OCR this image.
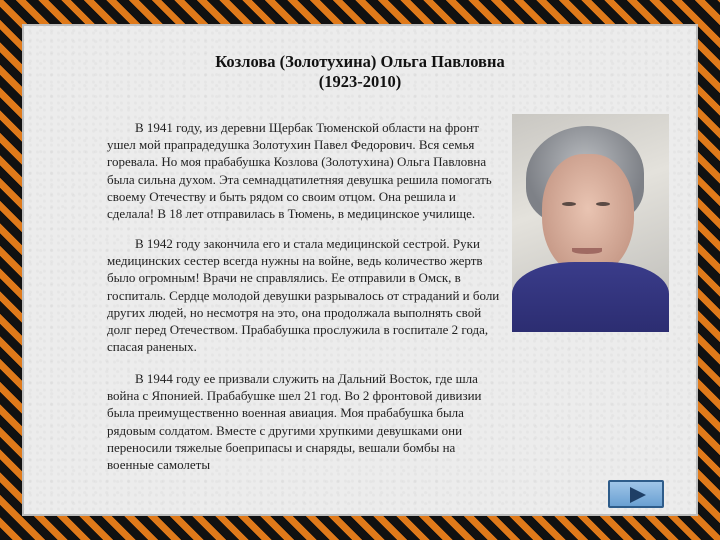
Козлова (Золотухина) Ольга Павловна
(1923-2010)
В 1941 году, из деревни Щербак Тюменской области на фронт ушел мой прапрадедушка Золотухин Павел Федорович. Вся семья горевала. Но моя прабабушка Козлова (Золотухина) Ольга Павловна была сильна духом. Эта семнадцатилетняя девушка решила помогать своему Отечеству и быть рядом со своим отцом. Она решила и сделала! В 18 лет отправилась в Тюмень, в медицинское училище.
В 1942 году закончила его и стала медицинской сестрой. Руки медицинских сестер всегда нужны на войне, ведь количество жертв было огромным! Врачи не справлялись. Ее отправили в Омск, в госпиталь. Сердце молодой девушки разрывалось от страданий и боли других людей, но несмотря на это, она продолжала выполнять свой долг перед Отечеством. Прабабушка прослужила в госпитале 2 года, спасая раненых.
В 1944 году ее призвали служить на Дальний Восток, где шла война с Японией. Прабабушке шел 21 год. Во 2 фронтовой дивизии была преимущественно военная авиация. Моя прабабушка была рядовым солдатом. Вместе с другими хрупкими девушками они переносили тяжелые боеприпасы и снаряды, вешали бомбы на военные самолеты
